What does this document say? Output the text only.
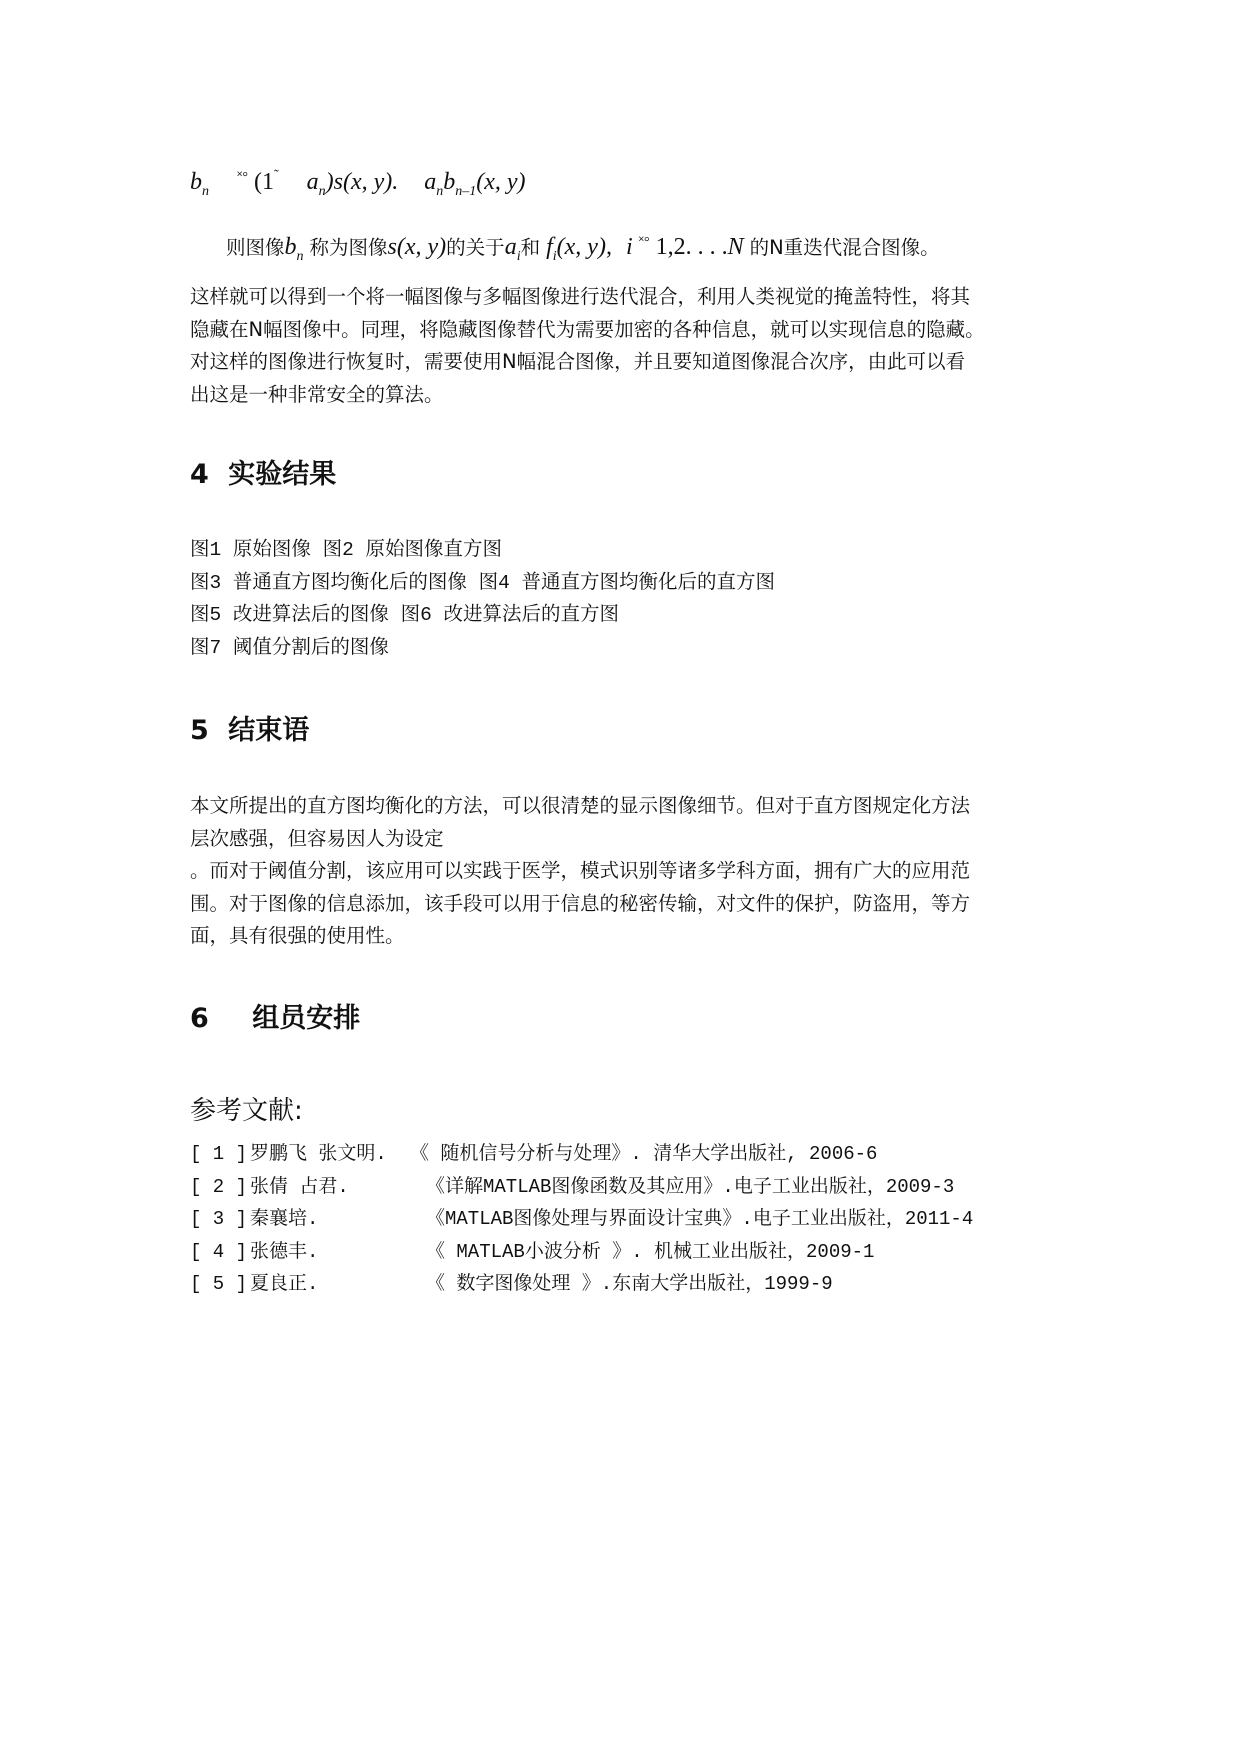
$b_n$ ˟° (1˜ $a_n)s(x$, y). $a_nb_{n-1}(x$, y)
则图像$b_n$ 称为图像s(x, y)的关于$a_i$和 $f_i(x$, y), i ˟° 1,2. . . .N 的N重迭代混合图像。
这样就可以得到一个将一幅图像与多幅图像进行迭代混合，利用人类视觉的掩盖特性，将其
隐藏在N幅图像中。同理，将隐藏图像替代为需要加密的各种信息，就可以实现信息的隐藏。
对这样的图像进行恢复时，需要使用N幅混合图像，并且要知道图像混合次序，由此可以看
出这是一种非常安全的算法。
4 实验结果
图1 原始图像 图2 原始图像直方图
图3 普通直方图均衡化后的图像 图4 普通直方图均衡化后的直方图
图5 改进算法后的图像 图6 改进算法后的直方图
图7 阈值分割后的图像
5 结束语
本文所提出的直方图均衡化的方法，可以很清楚的显示图像细节。但对于直方图规定化方法
层次感强，但容易因人为设定
。而对于阈值分割，该应用可以实践于医学，模式识别等诸多学科方面，拥有广大的应用范
围。对于图像的信息添加，该手段可以用于信息的秘密传输，对文件的保护，防盗用，等方
面，具有很强的使用性。
6 组员安排
参考文献:
[ 1 ] 罗鹏飞 张文明. 《 随机信号分析与处理》. 清华大学出版社, 2006-6
[ 2 ] 张倩 占君.	《详解MATLAB图像函数及其应用》.电子工业出版社，2009-3
[ 3 ] 秦襄培.	《MATLAB图像处理与界面设计宝典》.电子工业出版社，2011-4
[ 4 ] 张德丰.	《 MATLAB小波分析 》. 机械工业出版社，2009-1
[ 5 ] 夏良正.	《 数字图像处理 》.东南大学出版社，1999-9
